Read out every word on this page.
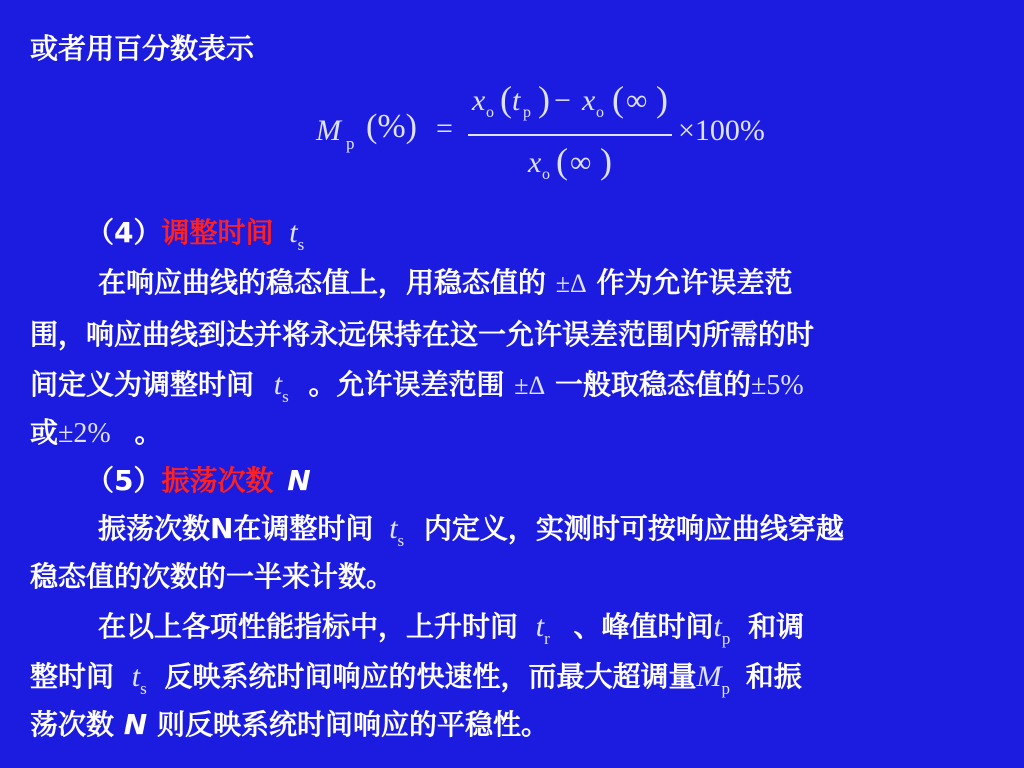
或者用百分数表示
M p (%) =
x o ( t p ) − x o ( ∞ )
x o ( ∞ )
×100%
（4）调整时间 $t_s$
在响应曲线的稳态值上，用稳态值的 ±Δ 作为允许误差范
围，响应曲线到达并将永远保持在这一允许误差范围内所需的时
间定义为调整时间 $t_s$ 。允许误差范围 ±Δ 一般取稳态值的±5%
或±2% 。
（5）振荡次数 N
振荡次数N在调整时间 $t_s$ 内定义，实测时可按响应曲线穿越
稳态值的次数的一半来计数。
在以上各项性能指标中，上升时间 $t_r$ 、峰值时间$t_p$ 和调
整时间 $t_s$ 反映系统时间响应的快速性，而最大超调量$M_p$ 和振
荡次数 N 则反映系统时间响应的平稳性。
